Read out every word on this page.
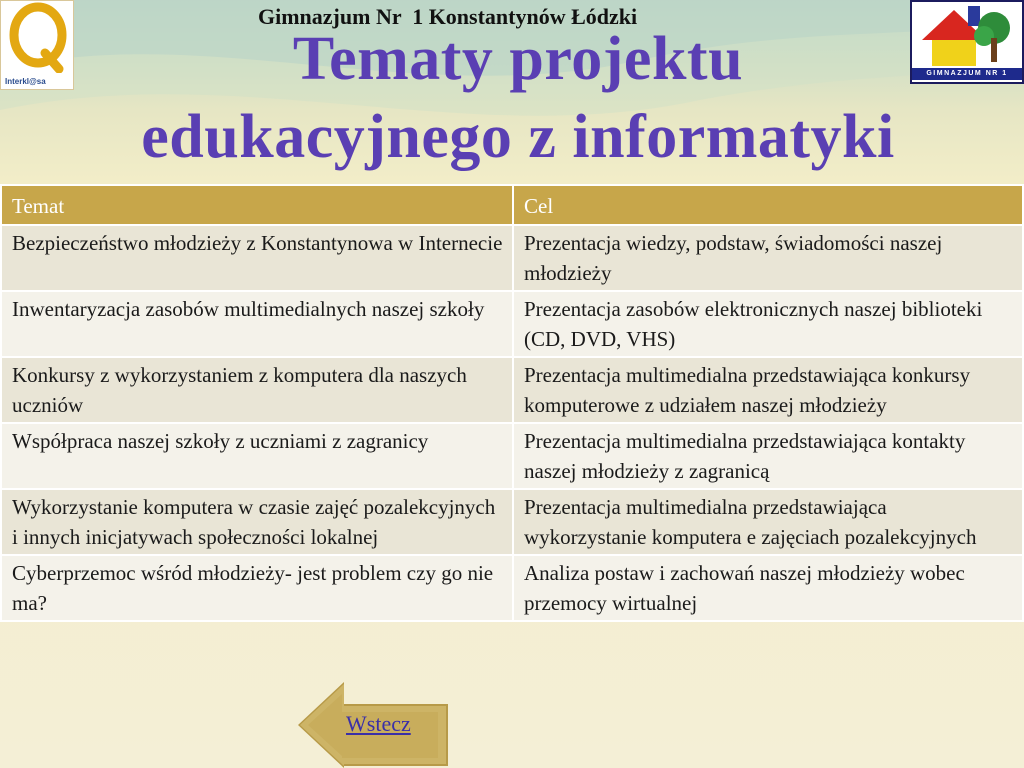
Interkl@sa
Gimnazjum Nr  1 Konstantynów Łódzki
Tematy projektu
edukacyjnego z informatyki
GIMNAZJUM NR 1
Temat	Cel
Bezpieczeństwo młodzieży z Konstantynowa w Internecie	Prezentacja wiedzy, podstaw, świadomości naszej młodzieży
Inwentaryzacja zasobów multimedialnych naszej szkoły	Prezentacja zasobów elektronicznych naszej biblioteki (CD, DVD, VHS)
Konkursy z wykorzystaniem z komputera dla naszych uczniów	Prezentacja multimedialna przedstawiająca konkursy komputerowe z udziałem naszej młodzieży
Współpraca naszej szkoły z uczniami z zagranicy	Prezentacja multimedialna przedstawiająca kontakty naszej młodzieży z zagranicą
Wykorzystanie komputera w czasie zajęć pozalekcyjnych i innych inicjatywach społeczności lokalnej	Prezentacja multimedialna przedstawiająca wykorzystanie komputera e zajęciach pozalekcyjnych
Cyberprzemoc wśród młodzieży- jest problem czy go nie ma?	Analiza postaw i zachowań naszej młodzieży wobec przemocy wirtualnej
Wstecz
